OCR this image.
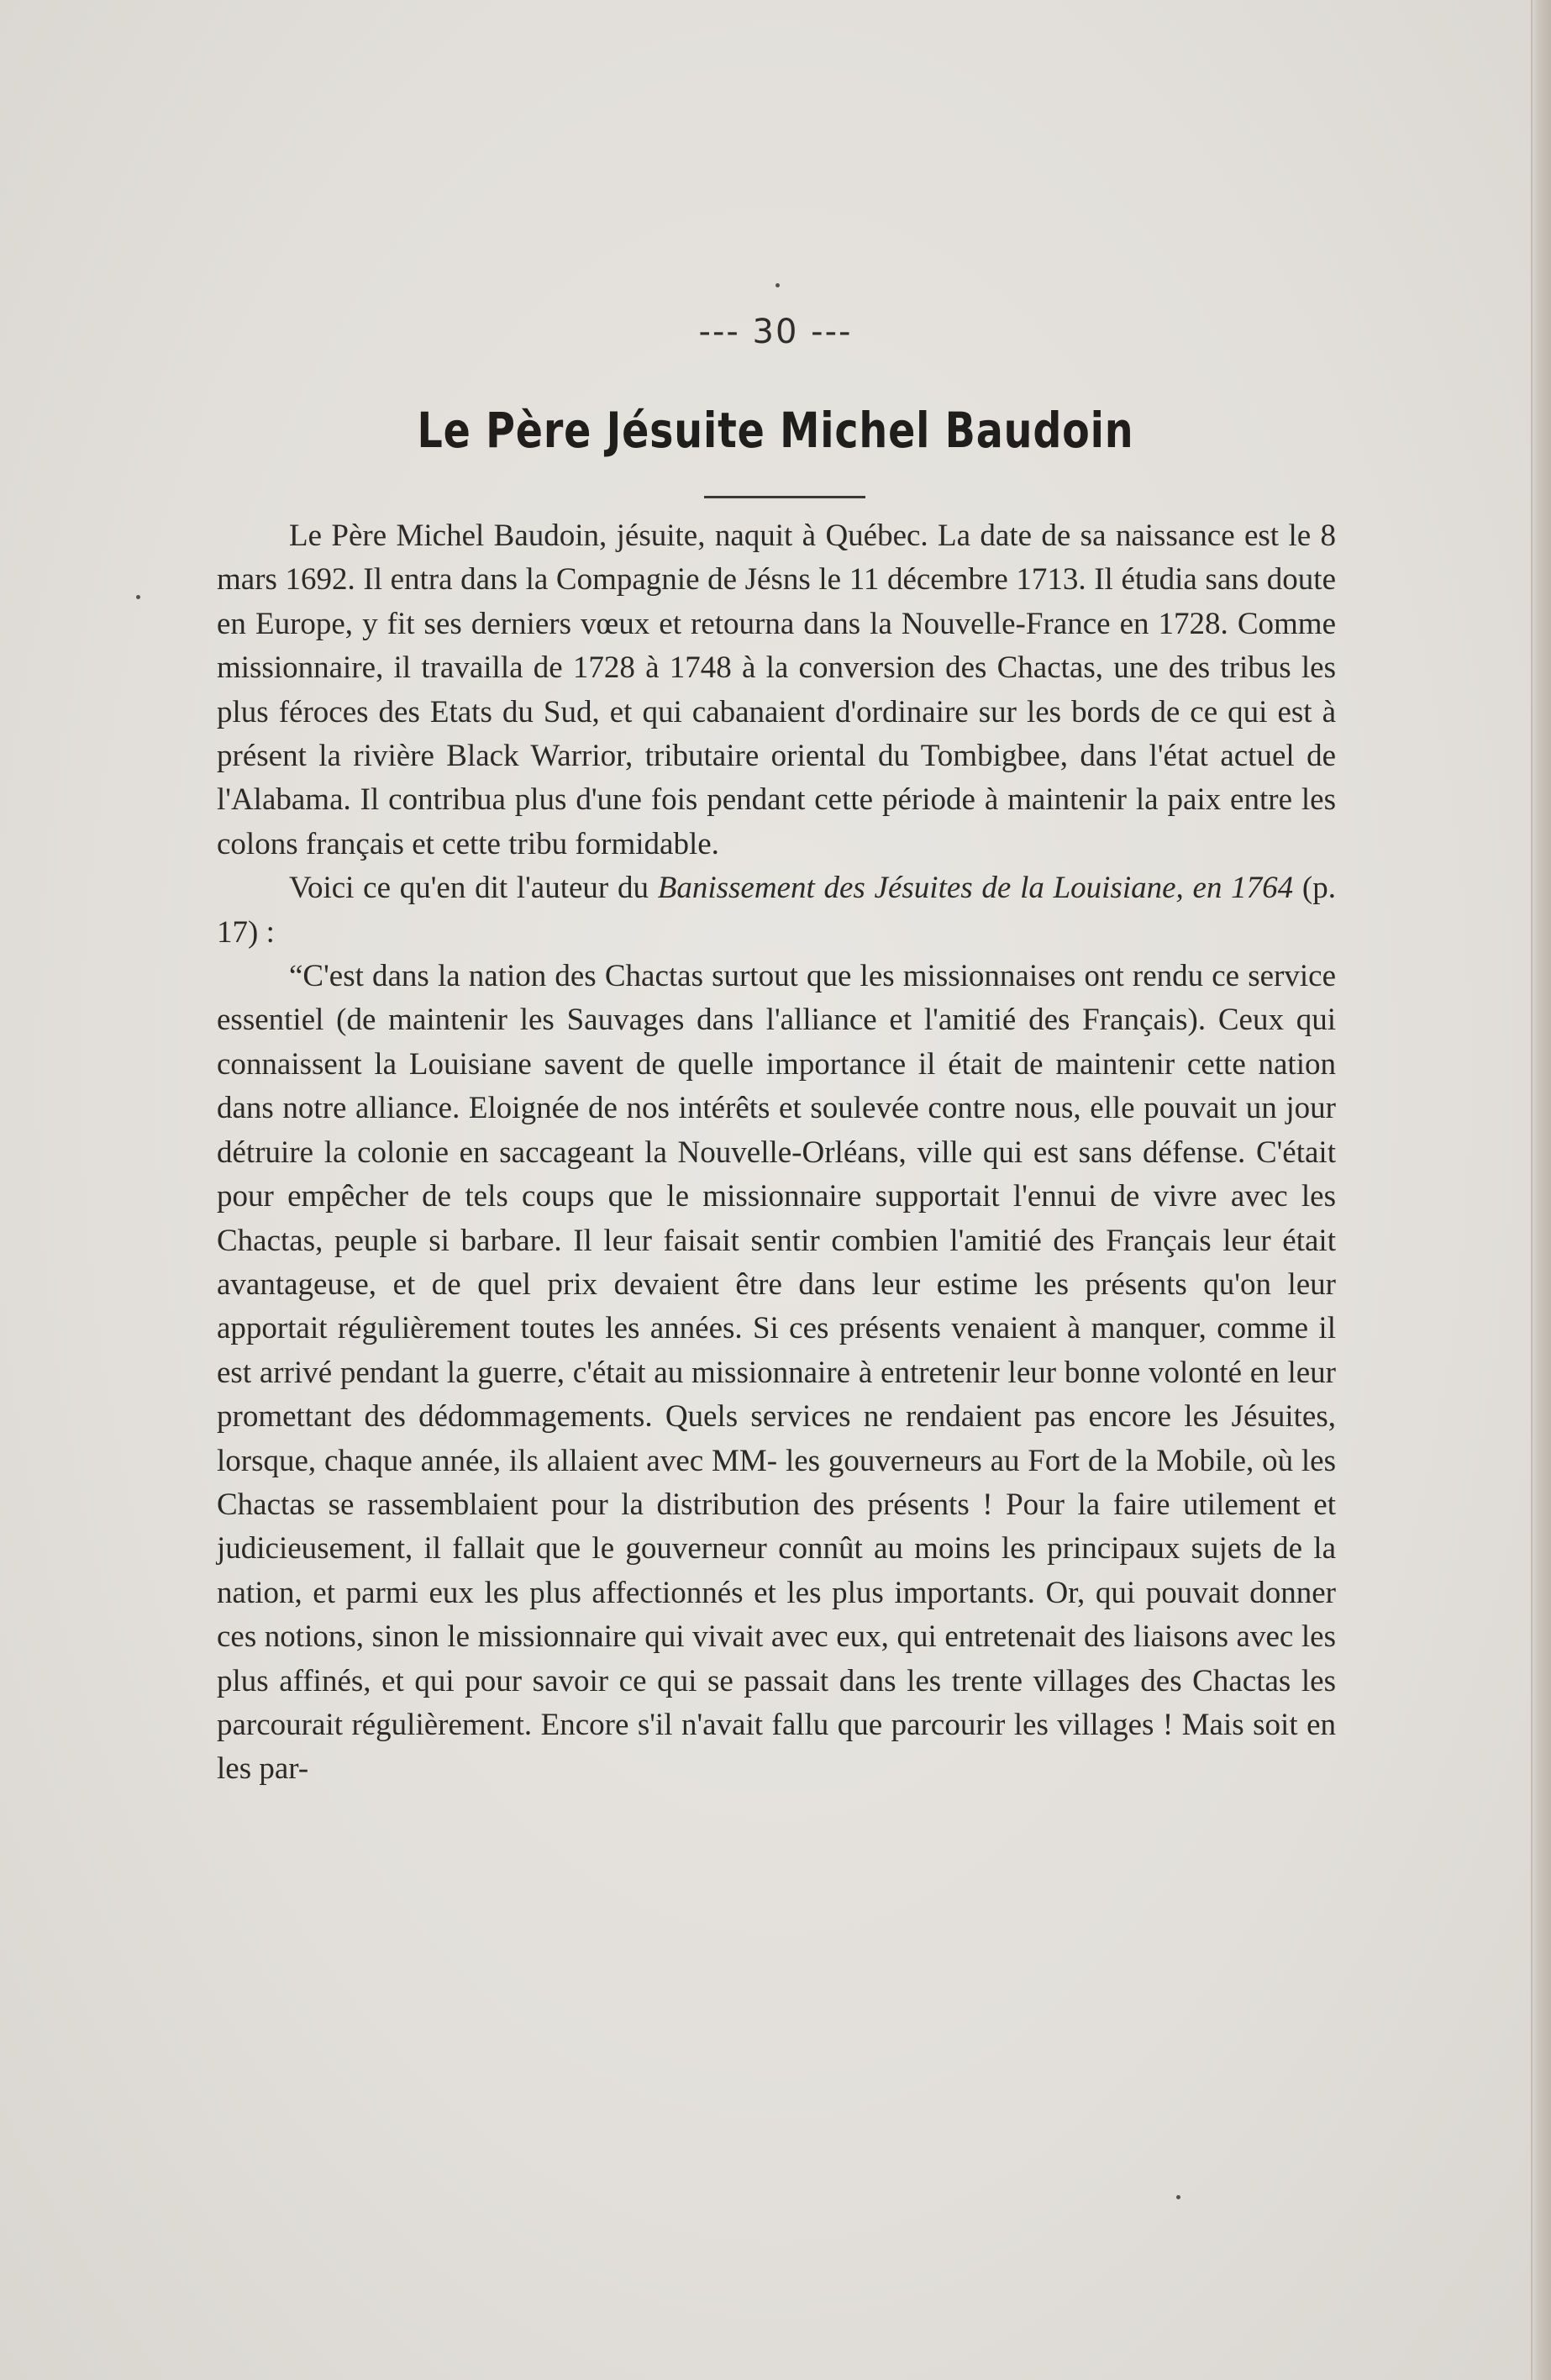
--- 30 ---
Le Père Jésuite Michel Baudoin

Le Père Michel Baudoin, jésuite, naquit à Québec. La date de sa naissance est le 8 mars 1692. Il entra dans la Compagnie de Jésns le 11 décembre 1713. Il étudia sans doute en Europe, y fit ses derniers vœux et retourna dans la Nouvelle-France en 1728. Comme missionnaire, il travailla de 1728 à 1748 à la conversion des Chactas, une des tribus les plus féroces des Etats du Sud, et qui cabanaient d'ordinaire sur les bords de ce qui est à présent la rivière Black Warrior, tributaire oriental du Tombigbee, dans l'état actuel de l'Alabama. Il contribua plus d'une fois pendant cette période à maintenir la paix entre les colons français et cette tribu formidable.

Voici ce qu'en dit l'auteur du Banissement des Jésuites de la Louisiane, en 1764 (p. 17) :

“C'est dans la nation des Chactas surtout que les missionnaises ont rendu ce service essentiel (de maintenir les Sauvages dans l'alliance et l'amitié des Français). Ceux qui connaissent la Louisiane savent de quelle importance il était de maintenir cette nation dans notre alliance. Eloignée de nos intérêts et soulevée contre nous, elle pouvait un jour détruire la colonie en saccageant la Nouvelle-Orléans, ville qui est sans défense. C'était pour empêcher de tels coups que le missionnaire supportait l'ennui de vivre avec les Chactas, peuple si barbare. Il leur faisait sentir combien l'amitié des Français leur était avantageuse, et de quel prix devaient être dans leur estime les présents qu'on leur apportait régulièrement toutes les années. Si ces présents venaient à manquer, comme il est arrivé pendant la guerre, c'était au missionnaire à entretenir leur bonne volonté en leur promettant des dédommagements. Quels services ne rendaient pas encore les Jésuites, lorsque, chaque année, ils allaient avec MM- les gouverneurs au Fort de la Mobile, où les Chactas se rassemblaient pour la distribution des présents ! Pour la faire utilement et judicieusement, il fallait que le gouverneur connût au moins les principaux sujets de la nation, et parmi eux les plus affectionnés et les plus importants. Or, qui pouvait donner ces notions, sinon le missionnaire qui vivait avec eux, qui entretenait des liaisons avec les plus affinés, et qui pour savoir ce qui se passait dans les trente villages des Chactas les parcourait régulièrement. Encore s'il n'avait fallu que parcourir les villages ! Mais soit en les par-
